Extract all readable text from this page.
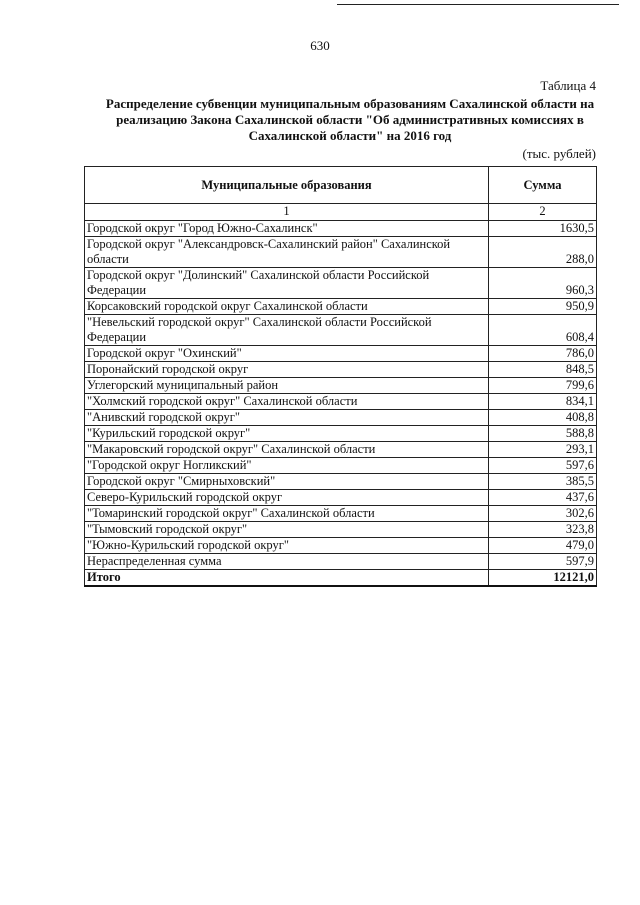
630
Таблица 4
Распределение субвенции муниципальным образованиям Сахалинской области на реализацию Закона Сахалинской области "Об административных комиссиях в Сахалинской области" на 2016 год
(тыс. рублей)
Муниципальные образования	Сумма
1	2
Городской округ "Город Южно-Сахалинск"	1630,5
Городской округ "Александровск-Сахалинский район" Сахалинской области	288,0
Городской округ "Долинский" Сахалинской области Российской Федерации	960,3
Корсаковский городской округ Сахалинской области	950,9
"Невельский городской округ" Сахалинской области Российской Федерации	608,4
Городской округ "Охинский"	786,0
Поронайский городской округ	848,5
Углегорский муниципальный район	799,6
"Холмский городской округ" Сахалинской области	834,1
"Анивский городской округ"	408,8
"Курильский городской округ"	588,8
"Макаровский городской округ" Сахалинской области	293,1
"Городской округ Ногликский"	597,6
Городской округ "Смирныховский"	385,5
Северо-Курильский городской округ	437,6
"Томаринский городской округ" Сахалинской области	302,6
"Тымовский городской округ"	323,8
"Южно-Курильский городской округ"	479,0
Нераспределенная сумма	597,9
Итого	12121,0
